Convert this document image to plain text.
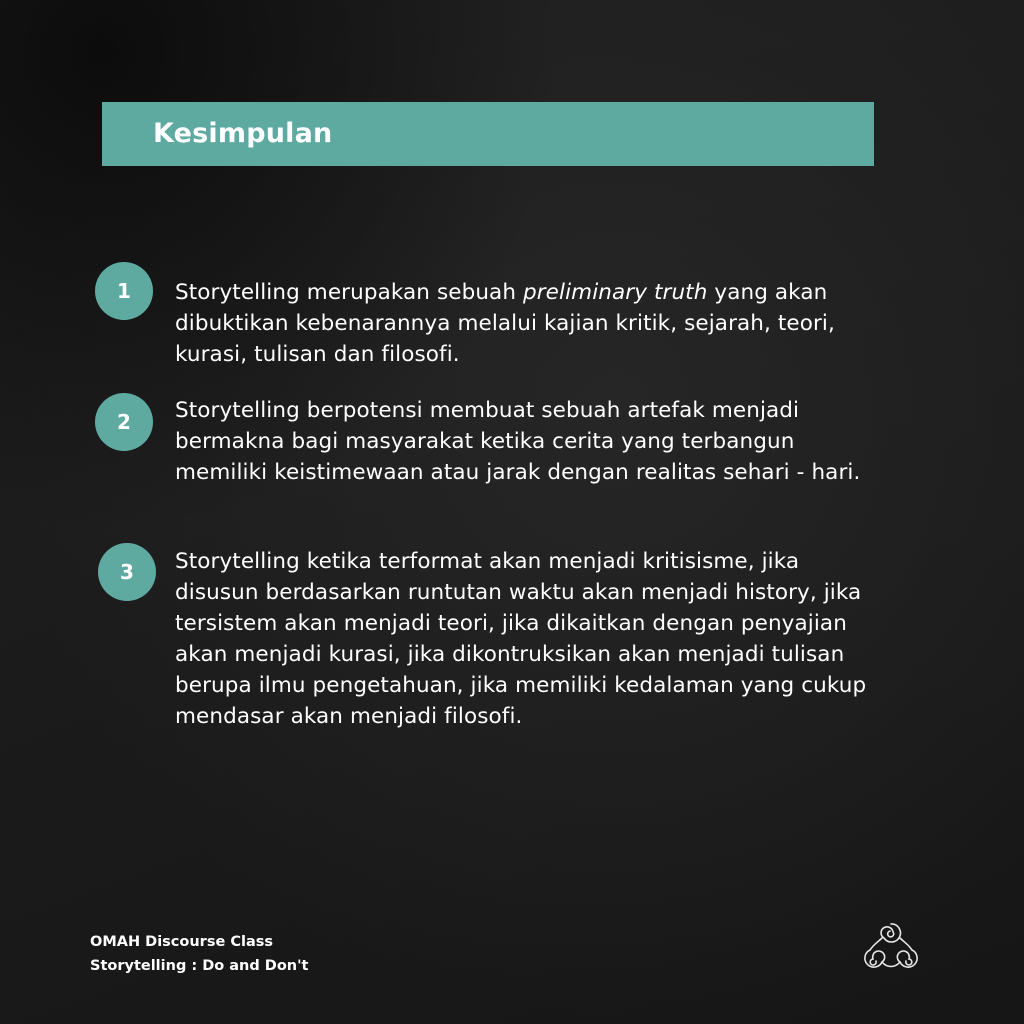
Kesimpulan
1	Storytelling merupakan sebuah preliminary truth yang akan dibuktikan kebenarannya melalui kajian kritik, sejarah, teori, kurasi, tulisan dan filosofi.

2	Storytelling berpotensi membuat sebuah artefak menjadi bermakna bagi masyarakat ketika cerita yang terbangun memiliki keistimewaan atau jarak dengan realitas sehari - hari.

3	Storytelling ketika terformat akan menjadi kritisisme, jika disusun berdasarkan runtutan waktu akan menjadi history, jika tersistem akan menjadi teori, jika dikaitkan dengan penyajian akan menjadi kurasi, jika dikontruksikan akan menjadi tulisan berupa ilmu pengetahuan, jika memiliki kedalaman yang cukup mendasar akan menjadi filosofi.

OMAH Discourse Class
Storytelling : Do and Don't
